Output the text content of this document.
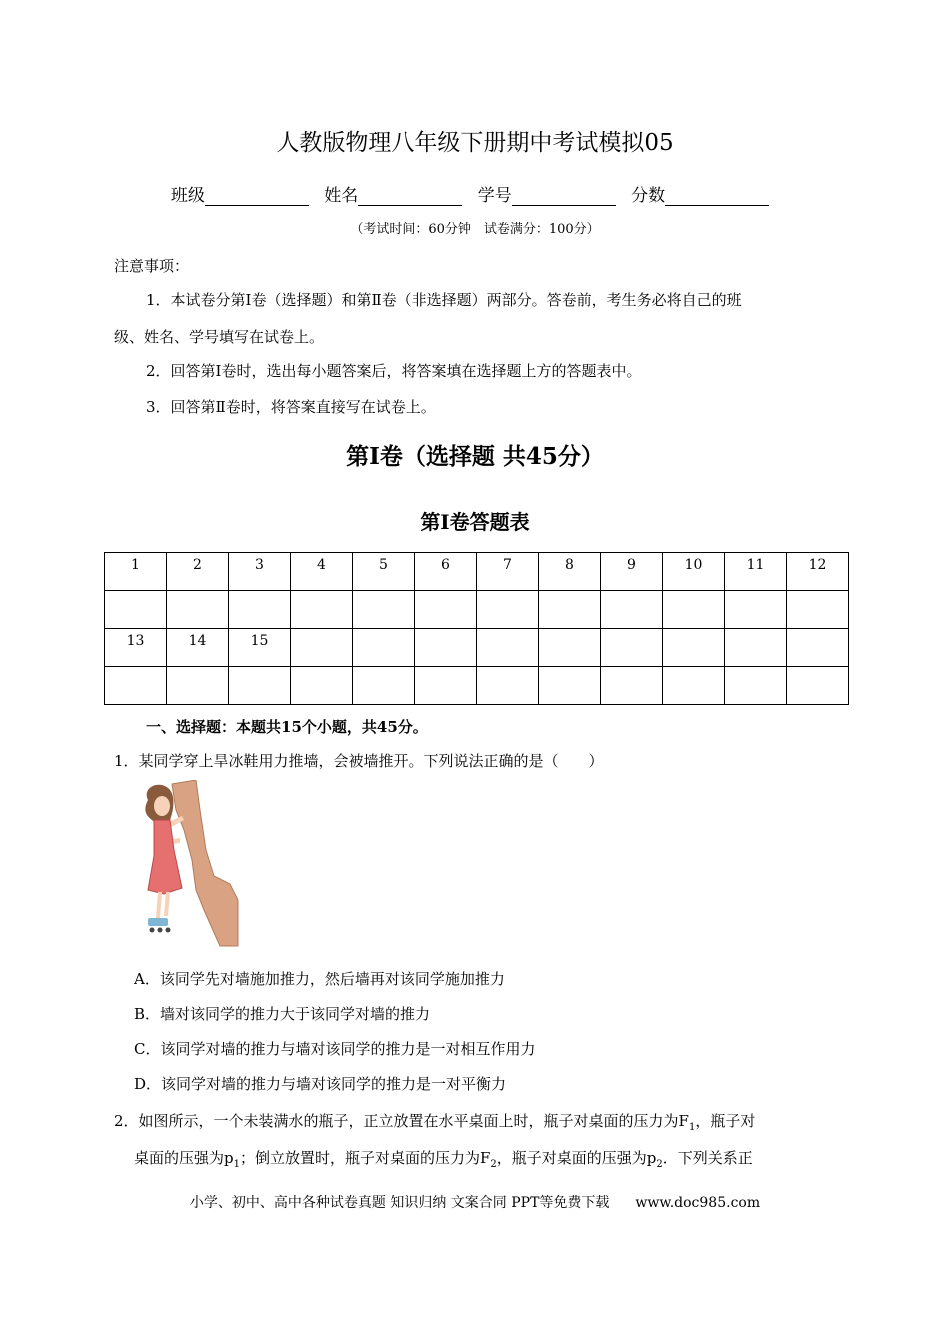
人教版物理八年级下册期中考试模拟05
班级	姓名	学号	分数
（考试时间：60分钟　试卷满分：100分）
注意事项：
1．本试卷分第Ⅰ卷（选择题）和第Ⅱ卷（非选择题）两部分。答卷前，考生务必将自己的班
级、姓名、学号填写在试卷上。
2．回答第Ⅰ卷时，选出每小题答案后，将答案填在选择题上方的答题表中。
3．回答第Ⅱ卷时，将答案直接写在试卷上。
第Ⅰ卷（选择题 共45分）
第Ⅰ卷答题表
1	2	3	4	5	6	7	8	9	10	11	12

13	14	15									

一、选择题：本题共15个小题，共45分。
1．某同学穿上旱冰鞋用力推墙，会被墙推开。下列说法正确的是（　　）
A．该同学先对墙施加推力，然后墙再对该同学施加推力
B．墙对该同学的推力大于该同学对墙的推力
C．该同学对墙的推力与墙对该同学的推力是一对相互作用力
D．该同学对墙的推力与墙对该同学的推力是一对平衡力
2．如图所示，一个未装满水的瓶子，正立放置在水平桌面上时，瓶子对桌面的压力为$F_1$，瓶子对
桌面的压强为$p_1$；倒立放置时，瓶子对桌面的压力为$F_2$，瓶子对桌面的压强为$p_2$．下列关系正
小学、初中、高中各种试卷真题 知识归纳 文案合同 PPT等免费下载 www.doc985.com
